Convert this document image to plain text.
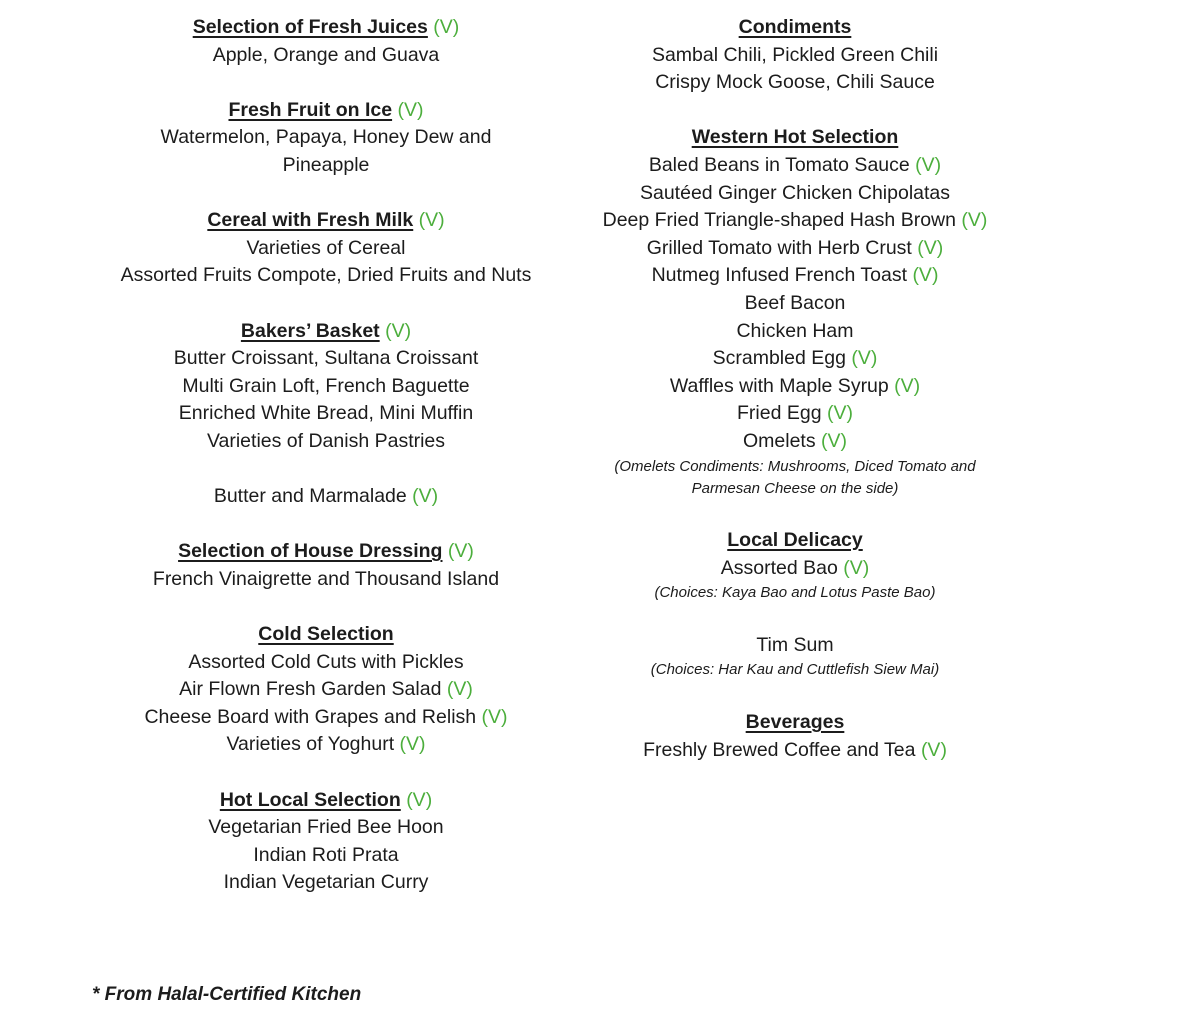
Selection of Fresh Juices (V)
Apple, Orange and Guava
Fresh Fruit on Ice (V)
Watermelon, Papaya, Honey Dew and
Pineapple
Cereal with Fresh Milk (V)
Varieties of Cereal
Assorted Fruits Compote, Dried Fruits and Nuts
Bakers’ Basket (V)
Butter Croissant, Sultana Croissant
Multi Grain Loft, French Baguette
Enriched White Bread, Mini Muffin
Varieties of Danish Pastries
Butter and Marmalade (V)
Selection of House Dressing (V)
French Vinaigrette and Thousand Island
Cold Selection
Assorted Cold Cuts with Pickles
Air Flown Fresh Garden Salad (V)
Cheese Board with Grapes and Relish (V)
Varieties of Yoghurt (V)
Hot Local Selection (V)
Vegetarian Fried Bee Hoon
Indian Roti Prata
Indian Vegetarian Curry
Condiments
Sambal Chili, Pickled Green Chili
Crispy Mock Goose, Chili Sauce
Western Hot Selection
Baled Beans in Tomato Sauce (V)
Sautéed Ginger Chicken Chipolatas
Deep Fried Triangle-shaped Hash Brown (V)
Grilled Tomato with Herb Crust (V)
Nutmeg Infused French Toast (V)
Beef Bacon
Chicken Ham
Scrambled Egg (V)
Waffles with Maple Syrup (V)
Fried Egg (V)
Omelets (V)
(Omelets Condiments: Mushrooms, Diced Tomato and
Parmesan Cheese on the side)
Local Delicacy
Assorted Bao (V)
(Choices: Kaya Bao and Lotus Paste Bao)
Tim Sum
(Choices: Har Kau and Cuttlefish Siew Mai)
Beverages
Freshly Brewed Coffee and Tea (V)
* From Halal-Certified Kitchen
